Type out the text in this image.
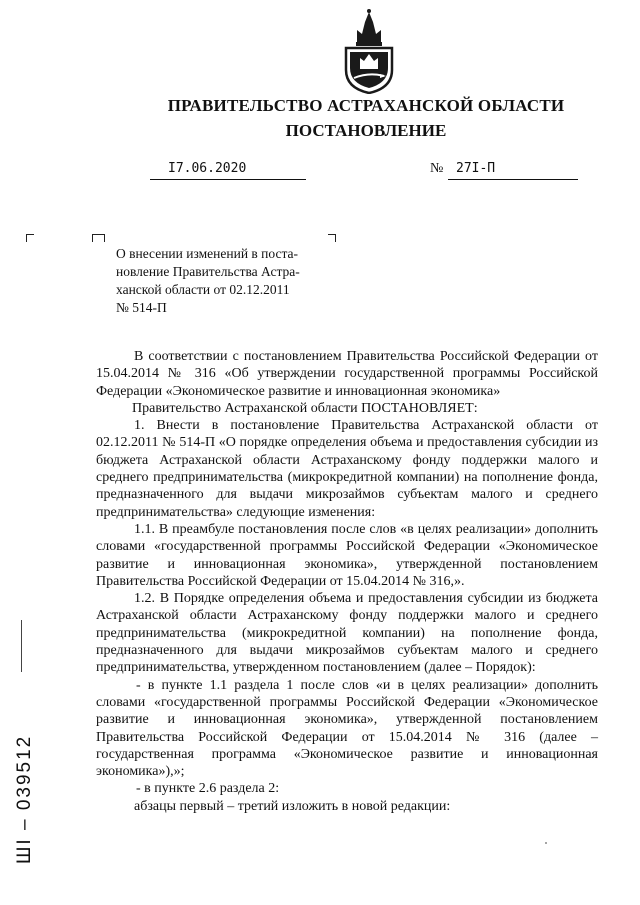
ПРАВИТЕЛЬСТВО АСТРАХАНСКОЙ ОБЛАСТИ
ПОСТАНОВЛЕНИЕ
I7.06.2020	№ 27I-П
О внесении изменений в поста-
новление Правительства Астра-
ханской области от 02.12.2011
№ 514-П

В соответствии с постановлением Правительства Российской Федерации от 15.04.2014 № 316 «Об утверждении государственной программы Российской Федерации «Экономическое развитие и инновационная экономика»

Правительство Астраханской области ПОСТАНОВЛЯЕТ:

1. Внести в постановление Правительства Астраханской области от 02.12.2011 № 514-П «О порядке определения объема и предоставления субсидии из бюджета Астраханской области Астраханскому фонду поддержки малого и среднего предпринимательства (микрокредитной компании) на пополнение фонда, предназначенного для выдачи микрозаймов субъектам малого и среднего предпринимательства» следующие изменения:

1.1. В преамбуле постановления после слов «в целях реализации» дополнить словами «государственной программы Российской Федерации «Экономическое развитие и инновационная экономика», утвержденной постановлением Правительства Российской Федерации от 15.04.2014 № 316,».

1.2. В Порядке определения объема и предоставления субсидии из бюджета Астраханской области Астраханскому фонду поддержки малого и среднего предпринимательства (микрокредитной компании) на пополнение фонда, предназначенного для выдачи микрозаймов субъектам малого и среднего предпринимательства, утвержденном постановлением (далее – Порядок):

- в пункте 1.1 раздела 1 после слов «и в целях реализации» дополнить словами «государственной программы Российской Федерации «Экономическое развитие и инновационная экономика», утвержденной постановлением Правительства Российской Федерации от 15.04.2014 № 316 (далее – государственная программа «Экономическое развитие и инновационная экономика»),»;

- в пункте 2.6 раздела 2:

абзацы первый – третий изложить в новой редакции:

ШI – 039512
